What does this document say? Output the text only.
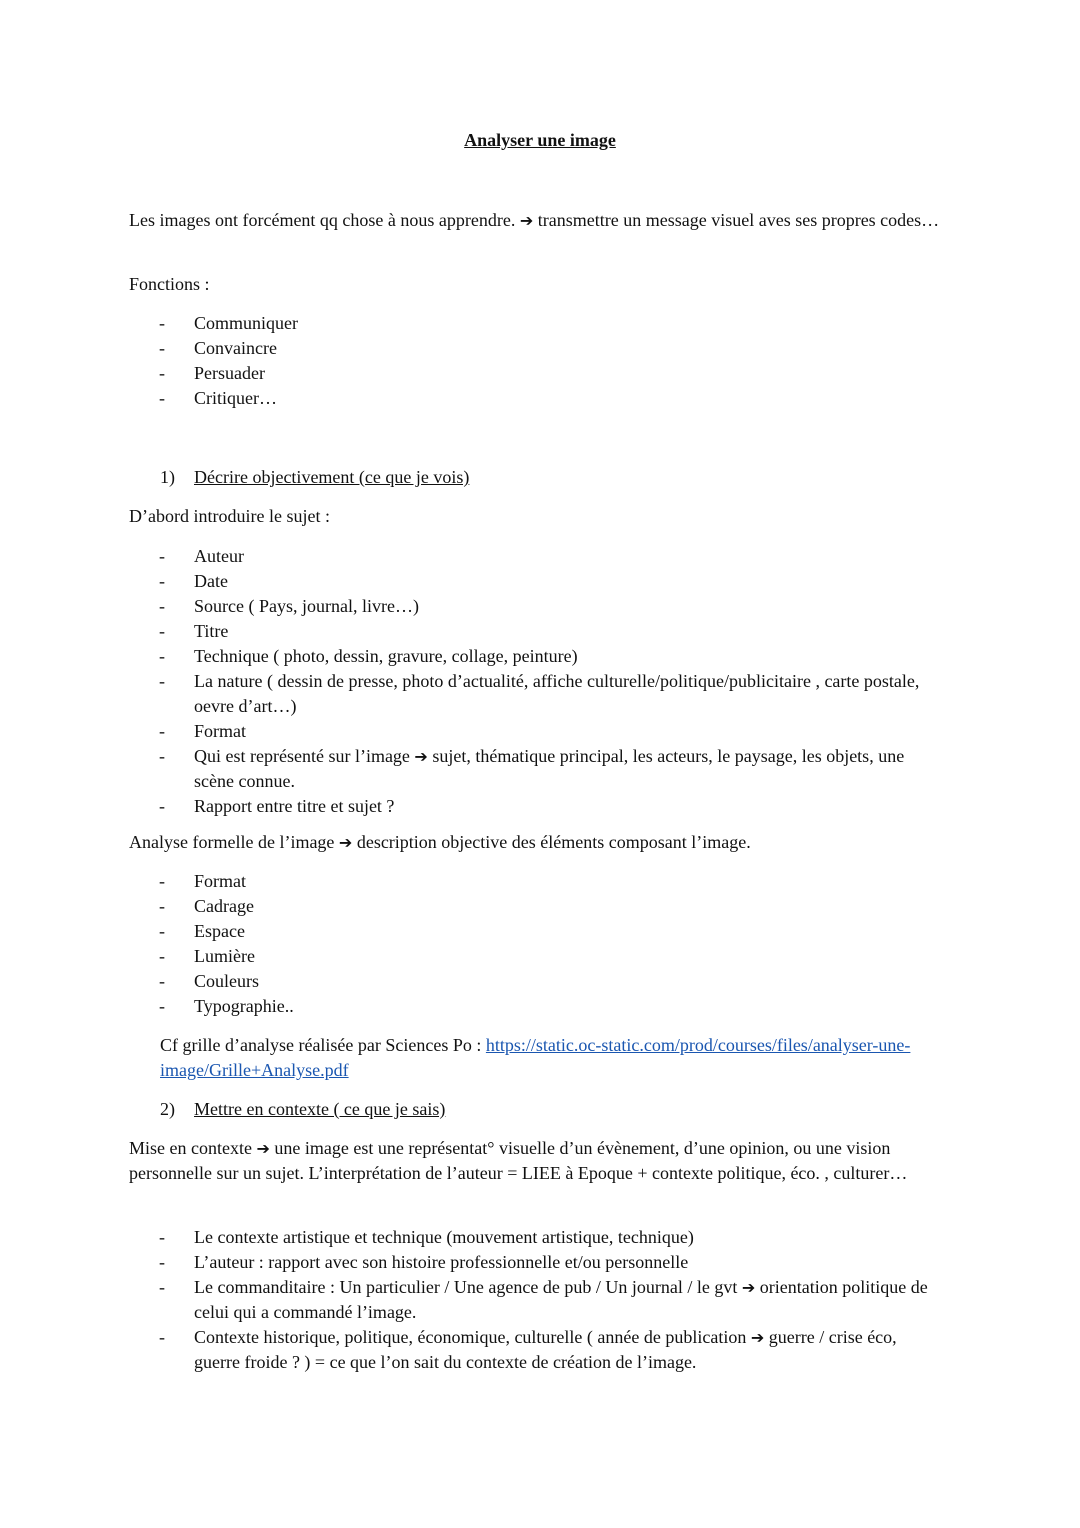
Analyser une image

Les images ont forcément qq chose à nous apprendre. ➔ transmettre un message visuel aves ses propres codes…

Fonctions :

- Communiquer
- Convaincre
- Persuader
- Critiquer…
1) Décrire objectivement (ce que je vois)

D’abord introduire le sujet :

- Auteur
- Date
- Source ( Pays, journal, livre…)
- Titre
- Technique ( photo, dessin, gravure, collage, peinture)
- La nature ( dessin de presse, photo d’actualité, affiche culturelle/politique/publicitaire , carte postale, oevre d’art…)
- Format
- Qui est représenté sur l’image ➔ sujet, thématique principal, les acteurs, le paysage, les objets, une scène connue.
- Rapport entre titre et sujet ?

Analyse formelle de l’image ➔ description objective des éléments composant l’image.

- Format
- Cadrage
- Espace
- Lumière
- Couleurs
- Typographie..

Cf grille d’analyse réalisée par Sciences Po : https://static.oc-static.com/prod/courses/files/analyser-une-image/Grille+Analyse.pdf

2) Mettre en contexte ( ce que je sais)

Mise en contexte ➔ une image est une représentat° visuelle d’un évènement, d’une opinion, ou une vision personnelle sur un sujet. L’interprétation de l’auteur = LIEE à Epoque + contexte politique, éco. , culturer…

- Le contexte artistique et technique (mouvement artistique, technique)
- L’auteur : rapport avec son histoire professionnelle et/ou personnelle
- Le commanditaire : Un particulier / Une agence de pub / Un journal / le gvt ➔ orientation politique de celui qui a commandé l’image.
- Contexte historique, politique, économique, culturelle ( année de publication ➔ guerre / crise éco, guerre froide ? ) = ce que l’on sait du contexte de création de l’image.
